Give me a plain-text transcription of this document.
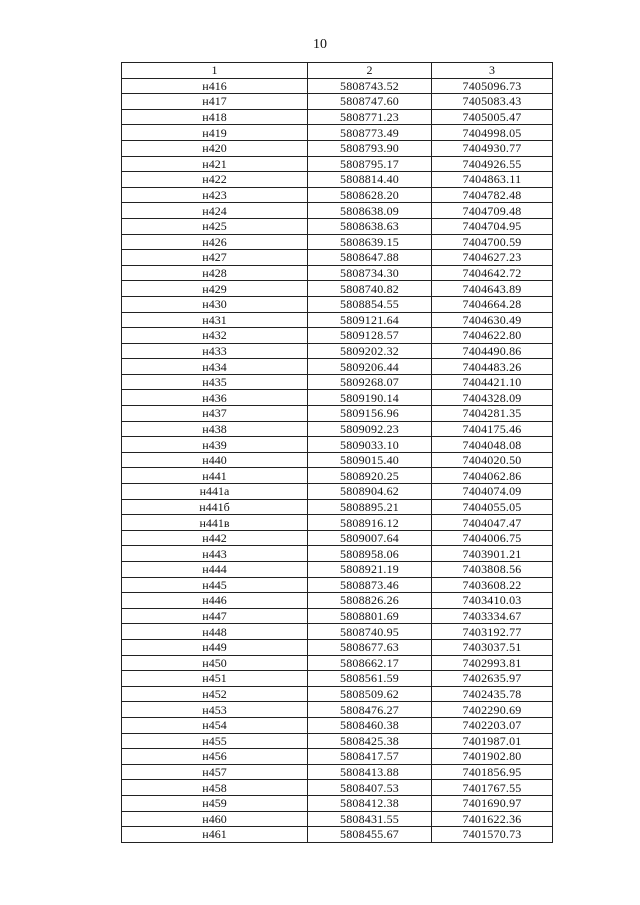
10
1	2	3
н416	5808743.52	7405096.73
н417	5808747.60	7405083.43
н418	5808771.23	7405005.47
н419	5808773.49	7404998.05
н420	5808793.90	7404930.77
н421	5808795.17	7404926.55
н422	5808814.40	7404863.11
н423	5808628.20	7404782.48
н424	5808638.09	7404709.48
н425	5808638.63	7404704.95
н426	5808639.15	7404700.59
н427	5808647.88	7404627.23
н428	5808734.30	7404642.72
н429	5808740.82	7404643.89
н430	5808854.55	7404664.28
н431	5809121.64	7404630.49
н432	5809128.57	7404622.80
н433	5809202.32	7404490.86
н434	5809206.44	7404483.26
н435	5809268.07	7404421.10
н436	5809190.14	7404328.09
н437	5809156.96	7404281.35
н438	5809092.23	7404175.46
н439	5809033.10	7404048.08
н440	5809015.40	7404020.50
н441	5808920.25	7404062.86
н441а	5808904.62	7404074.09
н441б	5808895.21	7404055.05
н441в	5808916.12	7404047.47
н442	5809007.64	7404006.75
н443	5808958.06	7403901.21
н444	5808921.19	7403808.56
н445	5808873.46	7403608.22
н446	5808826.26	7403410.03
н447	5808801.69	7403334.67
н448	5808740.95	7403192.77
н449	5808677.63	7403037.51
н450	5808662.17	7402993.81
н451	5808561.59	7402635.97
н452	5808509.62	7402435.78
н453	5808476.27	7402290.69
н454	5808460.38	7402203.07
н455	5808425.38	7401987.01
н456	5808417.57	7401902.80
н457	5808413.88	7401856.95
н458	5808407.53	7401767.55
н459	5808412.38	7401690.97
н460	5808431.55	7401622.36
н461	5808455.67	7401570.73
